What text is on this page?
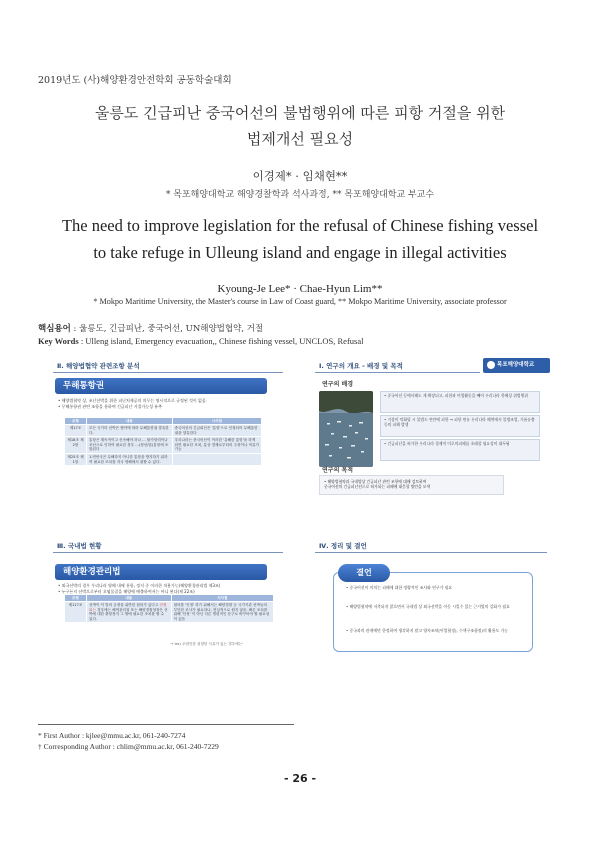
2019년도 (사)해양환경안전학회 공동학술대회
울릉도 긴급피난 중국어선의 불법행위에 따른 피항 거절을 위한
법제개선 필요성
이경제* · 임채현**
* 목포해양대학교 해양경찰학과 석사과정, ** 목포해양대학교 부교수
The need to improve legislation for the refusal of Chinese fishing vessel
to take refuge in Ulleung island and engage in illegal activities
Kyoung-Je Lee* · Chae-Hyun Lim**
* Mokpo Maritime University, the Master's course in Law of Coast guard, ** Mokpo Maritime University, associate professor
핵심용어 : 울릉도, 긴급피난, 중국어선, UN해양법협약, 거절
Key Words : Ulleng island, Emergency evacuation,, Chinese fishing vessel, UNCLOS, Refusal
Ⅱ. 해양법협약 관련조항 분석
무해통항권
• 해양법협약 상, 조난선박을 위한 피난처제공의 의무는 명시적으로 규정된 것이 없음.
• 무해통항권 관련 조항을 통하여 긴급피난 거절가능성 유추
조항	내용	시사점
제17조	모든 국가의 선박은 협약에 따라 무해통항권 향유한다.	중국어선의 긴급피난은 '통항'으로 인정되어 무해통항권을 향유한다
제18조 제2항	통항은 계속적이고 신속해야 하나 … 불가항력이나 조난으로 인하여 필요한 경우 …(정선/닻)통항에 포함된다	우리나라는 중국어선이 이러한 '유해한 통항'을 하게 되면 필요한 조치, 통상 경제로부터의 주장이나 억류가 가능
제25조 제1항	1.연안국은 무해하지 아니한 통항을 방지하기 위하여 필요한 조치를 자국 영해에서 취할 수 있다.	
Ⅲ. 국내법 현황
해양환경관리법
• 외국선박의 경우 우리나라 영해 내에 통항, 정지 중 이러한 적용가능(해양환경관리법 제3조)
• 누구든지 선박으로부터 오염물질을 해양에 배출하여서는 아니 된다(제 22조)
조항	내용	시사점
제117조	선박이 이 법의 규정을 위반한 혐의가 있다고 인정되는 경우에는 해역관리청 또는 해양경찰청장은 선박에 대한 출항정지 그 밖에 필요한 조치를 할 수 있다.	혐의를 '인정' 하기 위해서는 해양경찰 등 국가기관 선박들의 부단한 조사가 필요하나, 현실적으로 쉽지 않음. 빠른 조치를 위해 '인정' 이 아닌 다른 명령적인 문구로 바꾸어야 할 필요성이 있음
→ 'ex) 오염인한 성향한 사유가 있는 경우에는'
목포해양대학교
Ⅰ. 연구의 개요 - 배경 및 목적
연구의 배경
• 중국어선 등에서해도 게 확장되고, 피한과 어업활동을 빼어 우리나라 항해상 위법행위
• 기상이 악화될 시 불법도 연안에 피항 → 피항 연유 우리나라 해역에서 불법조업, 기름유출 등의 피해 발생
• 긴급피난을 허가한 우리나라 경제적 이로의피해를 초래할 필요성이 대두됨
연구의 목적
• 해양법협약과 국내법상 긴급피난 관련 조항에 대해 검토하여
중국어선의 긴급피난선으로 허가되는 피해에 대응할 방안을 모색
Ⅳ. 정리 및 결언
• 중국어선이 끼치는 피해에 대한 정량적인 조사와 연구가 필요
• 해양법협약에 저촉되지 않으면서 국내법 상 외국선박을 이동 시킬수 있는 근거법의 강화가 필요
• 중국과의 관계에만 한정하여 생각하지 말고 양자조약(어업협정), 수색구조협정)의 활용도 가능
결언
* First Author : kjlee@mmu.ac.kr, 061-240-7274
† Corresponding Author : chlim@mmu.ac.kr, 061-240-7229
- 26 -
